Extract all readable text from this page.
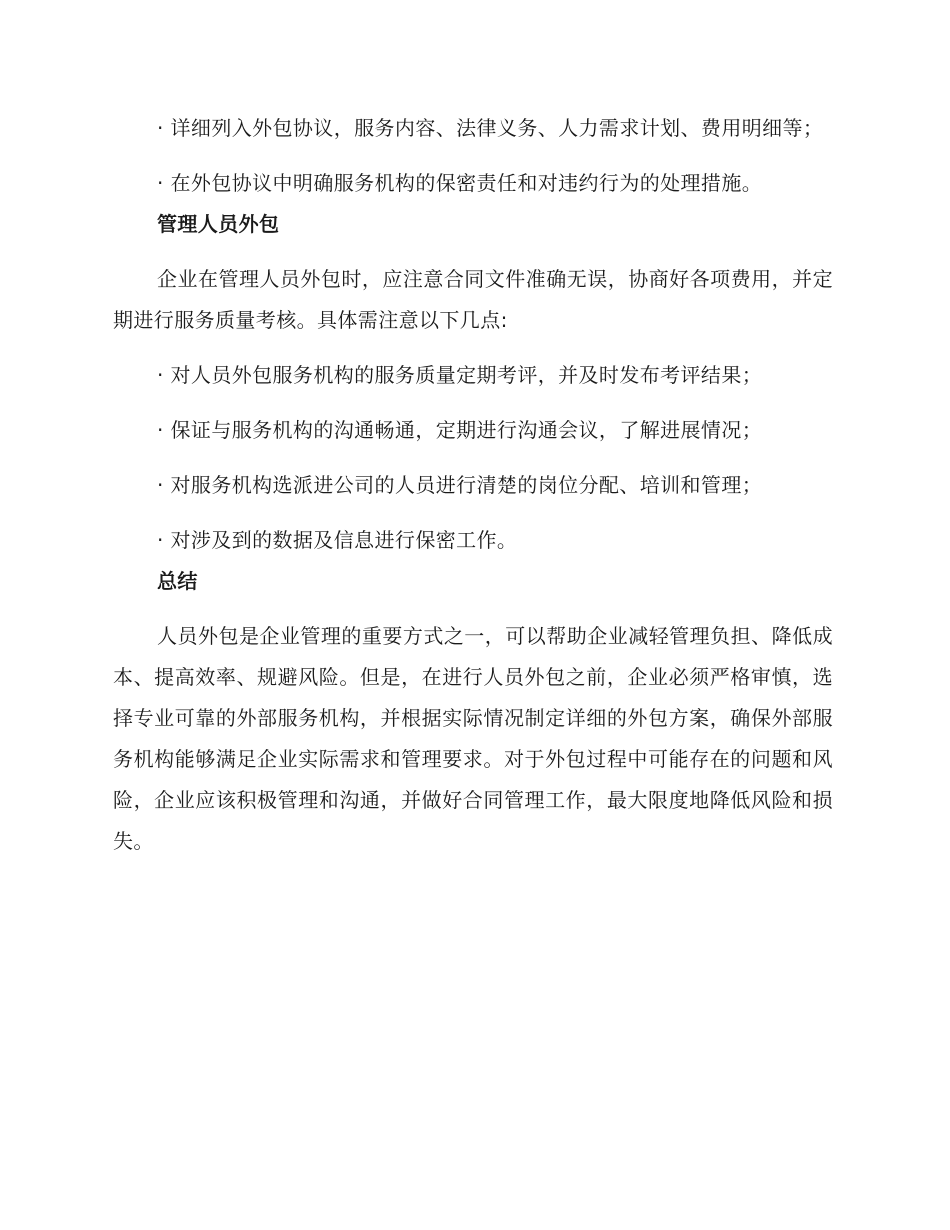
· 详细列入外包协议，服务内容、法律义务、人力需求计划、费用明细等；

· 在外包协议中明确服务机构的保密责任和对违约行为的处理措施。

管理人员外包

企业在管理人员外包时，应注意合同文件准确无误，协商好各项费用，并定期进行服务质量考核。具体需注意以下几点:

· 对人员外包服务机构的服务质量定期考评，并及时发布考评结果；

· 保证与服务机构的沟通畅通，定期进行沟通会议，了解进展情况；

· 对服务机构选派进公司的人员进行清楚的岗位分配、培训和管理；

· 对涉及到的数据及信息进行保密工作。

总结

人员外包是企业管理的重要方式之一，可以帮助企业减轻管理负担、降低成本、提高效率、规避风险。但是，在进行人员外包之前，企业必须严格审慎，选择专业可靠的外部服务机构，并根据实际情况制定详细的外包方案，确保外部服务机构能够满足企业实际需求和管理要求。对于外包过程中可能存在的问题和风险，企业应该积极管理和沟通，并做好合同管理工作，最大限度地降低风险和损失。
